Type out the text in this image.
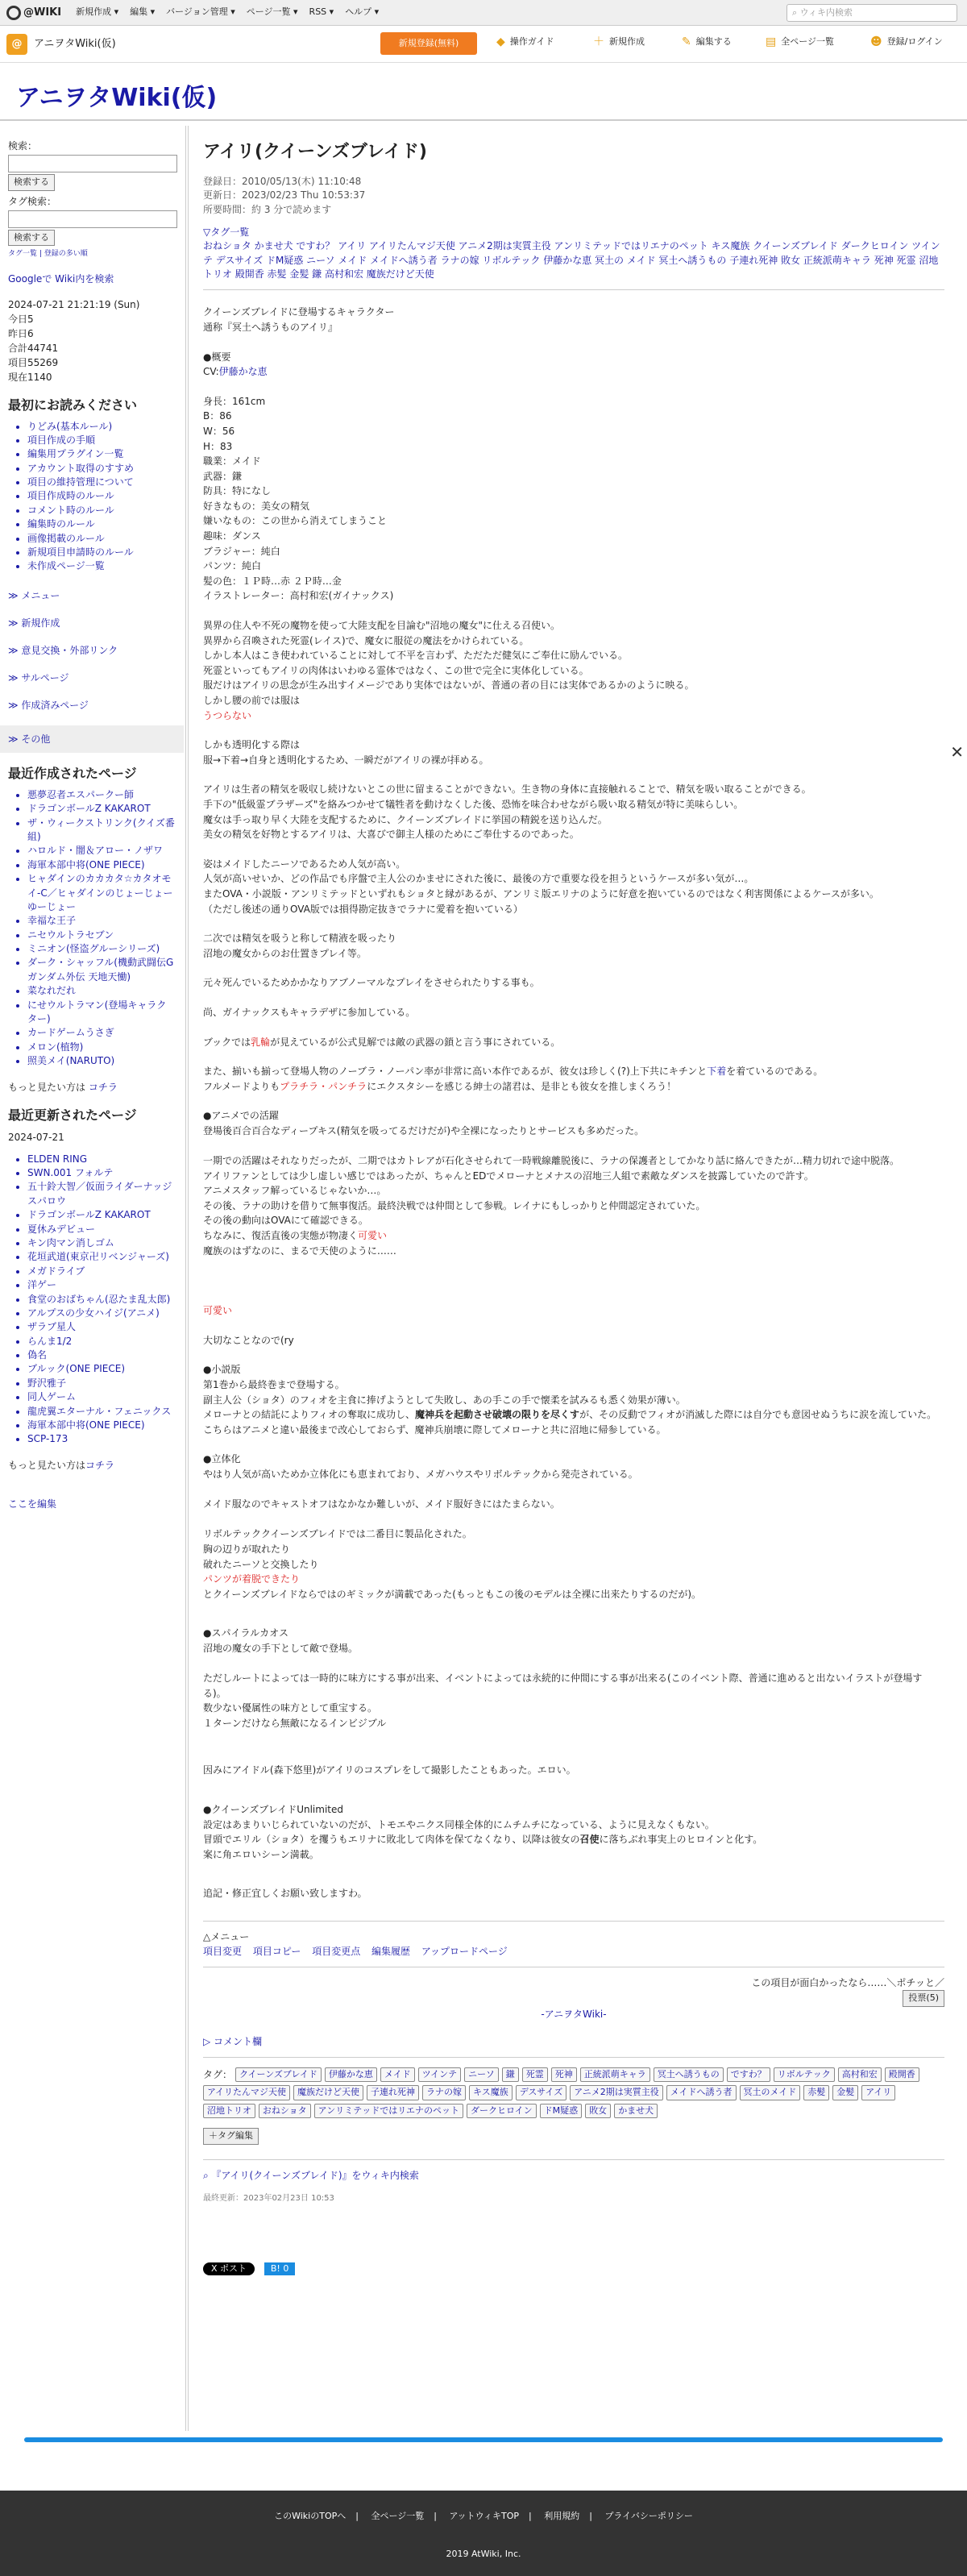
@WIKI 新規作成 ▾ 編集 ▾ バージョン管理 ▾ ページ一覧 ▾ RSS ▾ ヘルプ ▾	⌕ ウィキ内検索
@	アニヲタWiki(仮)	新規登録(無料)	◆ 操作ガイド	＋ 新規作成	✎ 編集する	▤ 全ページ一覧	☻ 登録/ログイン
アニヲタWiki(仮)
検索：
検索する
タグ検索：
検索する
タグ一覧 | 登録の多い順
Googleで Wiki内を検索
2024-07-21 21:21:19 (Sun)
今日5
昨日6
合計44741
項目55269
現在1140
最初にお読みください
• りどみ(基本ルール)
• 項目作成の手順
• 編集用プラグイン一覧
• アカウント取得のすすめ
• 項目の維持管理について
• 項目作成時のルール
• コメント時のルール
• 編集時のルール
• 画像掲載のルール
• 新規項目申請時のルール
• 未作成ページ一覧
≫ メニュー
≫ 新規作成
≫ 意見交換・外部リンク
≫ サルページ
≫ 作成済みページ
≫ その他
最近作成されたページ
• 悪夢忍者エスパークー師
• ドラゴンボールZ KAKAROT
• ザ・ウィークストリンク(クイズ番組)
• ハロルド・闇＆アロー・ノザワ
• 海軍本部中将(ONE PIECE)
• ヒャダインのカカカタ☆カタオモイ-C／ヒャダインのじょーじょーゆーじょー
• 幸福な王子
• ニセウルトラセブン
• ミニオン(怪盗グルーシリーズ)
• ダーク・シャッフル(機動武闘伝Gガンダム外伝 天地天慟)
• 菜なれだれ
• にせウルトラマン(登場キャラクター)
• カードゲームうさぎ
• メロン(植物)
• 照美メイ(NARUTO)
もっと見たい方は コチラ
最近更新されたページ
2024-07-21
• ELDEN RING
• SWN.001 フォルテ
• 五十鈴大智／仮面ライダーナッジスパロウ
• ドラゴンボールZ KAKAROT
• 夏休みデビュー
• キン肉マン消しゴム
• 花垣武道(東京卍リベンジャーズ)
• メガドライブ
• 洋ゲー
• 食堂のおばちゃん(忍たま乱太郎)
• アルプスの少女ハイジ(アニメ)
• ザラブ星人
• らんま1/2
• 偽名
• ブルック(ONE PIECE)
• 野沢雅子
• 同人ゲーム
• 龍虎翼エターナル・フェニックス
• 海軍本部中将(ONE PIECE)
• SCP-173
もっと見たい方はコチラ
ここを編集
アイリ(クイーンズブレイド)
登録日：2010/05/13(木) 11:10:48
更新日：2023/02/23 Thu 10:53:37
所要時間：約 3 分で読めます
▽タグ一覧
おねショタ かませ犬 ですわ？ アイリ アイリたんマジ天使 アニメ2期は実質主役 アンリミテッドではリエナのペット キス魔族 クイーンズブレイド ダークヒロイン ツインテ デスサイズ ドM疑惑 ニーソ メイド メイドへ誘う者 ラナの嫁 リボルテック 伊藤かな恵 冥土の メイド 冥土へ誘うもの 子連れ死神 敗女 正統派萌キャラ 死神 死霊 沼地トリオ 殿開香 赤髪 金髪 鎌 高村和宏 魔族だけど天使

クイーンズブレイドに登場するキャラクター
通称『冥土へ誘うものアイリ』

●概要

CV:伊藤かな恵

身長：161cm
B：86
W：56
H：83
職業：メイド
武器：鎌
防具：特になし
好きなもの：美女の精気
嫌いなもの：この世から消えてしまうこと
趣味：ダンス
ブラジャー：純白
パンツ：純白
髪の色：１Ｐ時…赤 ２Ｐ時…金
イラストレーター：高村和宏(ガイナックス)

異界の住人や不死の魔物を使って大陸支配を目論む"沼地の魔女"に仕える召使い。
異界から召喚された死霊(レイス)で、魔女に服従の魔法をかけられている。
しかし本人はこき使われていることに対して不平を言わず、ただただ健気にご奉仕に励んでいる。
死霊といってもアイリの肉体はいわゆる霊体ではなく、この世で完全に実体化している。
服だけはアイリの思念が生み出すイメージであり実体ではないが、普通の者の目には実体であるかのように映る。
しかし腰の前では服は

うつらない

しかも透明化する際は
服→下着→自身と透明化するため、一瞬だがアイリの裸が拝める。

アイリは生者の精気を吸収し続けないとこの世に留まることができない。生き物の身体に直接触れることで、精気を吸い取ることができる。
手下の"低級霊ブラザーズ"を絡みつかせて犠牲者を動けなくした後、恐怖を味合わせながら吸い取る精気が特に美味らしい。
魔女は手っ取り早く大陸を支配するために、クイーンズブレイドに挙国の精鋭を送り込んだ。
美女の精気を好物とするアイリは、大喜びで御主人様のためにご奉仕するのであった。

姿はメイドしたニーソであるため人気が高い。
人気が高いせいか、どの作品でも序盤で主人公のかませにされた後に、最後の方で重要な役を担うというケースが多い気が…。
またOVA・小説版・アンリミテッドといずれもショタと縁があるが、アンリミ版エリナのように好意を抱いているのではなく利害関係によるケースが多い。
（ただし後述の通りOVA版では損得勘定抜きでラナに愛着を抱いている）

二次では精気を吸うと称して精液を吸ったり
沼地の魔女からのお仕置きプレイ等。

元々死んでいるためかかなりアブノーマルなプレイをさせられたりする事も。

尚、ガイナックスもキャラデザに参加している。

ブックでは乳輪が見えているが公式見解では敵の武器の鎖と言う事にされている。

また、揃いも揃って登場人物のノーブラ・ノーパン率が非常に高い本作であるが、彼女は珍しく(?)上下共にキチンと下着を着ているのである。
フルメードよりもプラチラ・パンチラにエクスタシーを感じる紳士の諸君は、是非とも彼女を推しまくろう！

●アニメでの活躍

登場後百合百合なディープキス(精気を吸ってるだけだが)や全裸になったりとサービスも多めだった。

一期での活躍はそれなりだったが、二期ではカトレアが石化させられて一時戦線離脱後に、ラナの保護者としてかなり話に絡んできたが…精力切れで途中脱落。
アイリファンとしては少し虚しい感じではあったが、ちゃんとEDでメローナとメナスの沼地三人組で素敵なダンスを披露していたので許す。
アニメスタッフ解っているじゃないか…。
その後、ラナの助けを借りて無事復活。最終決戦では仲間として参戦。レイナにもしっかりと仲間認定されていた。
その後の動向はOVAにて確認できる。
ちなみに、復活直後の実態が物凄く可愛い
魔族のはずなのに、まるで天使のように……

可愛い

大切なことなので(ry

●小説版

第1巻から最終巻まで登場する。
副主人公（ショタ）のフィオを主食に捧げようとして失敗し、あの手この手で懐柔を試みるも悉く効果が薄い。
メローナとの結託によりフィオの奪取に成功し、魔神兵を起動させ破壊の限りを尽くすが、その反動でフィオが消滅した際には自分でも意図せぬうちに涙を流していた。
こちらはアニメと違い最後まで改心しておらず、魔神兵崩壊に際してメローナと共に沼地に帰参している。

●立体化

やはり人気が高いためか立体化にも恵まれており、メガハウスやリボルテックから発売されている。

メイド服なのでキャストオフはなかなか難しいが、メイド服好きにはたまらない。

リボルテッククイーンズブレイドでは二番目に製品化された。
胸の辺りが取れたり
破れたニーソと交換したり
パンツが着脱できたり
とクイーンズブレイドならではのギミックが満載であった(もっともこの後のモデルは全裸に出来たりするのだが)。

●スパイラルカオス

沼地の魔女の手下として敵で登場。

ただしルートによっては一時的に味方にする事が出来、イベントによっては永続的に仲間にする事が出来る(このイベント際、普通に進めると出ないイラストが登場する)。
数少ない優属性の味方として重宝する。
１ターンだけなら無敵になるインビジブル

因みにアイドル(森下悠里)がアイリのコスプレをして撮影したこともあった。エロい。

●クイーンズブレイドUnlimited

設定はあまりいじられていないのだが、トモエやニクス同様全体的にムチムチになっている、ように見えなくもない。
冒頭でエリル（ショタ）を攫うもエリナに敗北して肉体を保てなくなり、以降は彼女の召使に落ちぶれ事実上のヒロインと化す。
案に角エロいシーン満載。

追記・修正宜しくお願い致しますわ。

△メニュー
項目変更 項目コピー 項目変更点 編集履歴 アップロードページ
この項目が面白かったなら……＼ポチッと／
投票(5)
-アニヲタWiki-
▷ コメント欄
タグ： クイーンズブレイド	伊藤かな恵	メイド	ツインテ	ニーソ	鎌	死霊	死神	正統派萌キャラ	冥土へ誘うもの	ですわ？	リボルテック	高村和宏	殿開香
アイリたんマジ天使	魔族だけど天使	子連れ死神	ラナの嫁	キス魔族	デスサイズ	アニメ2期は実質主役	メイドへ誘う者	冥土のメイド	赤髪	金髪	アイリ
沼地トリオ	おねショタ	アンリミテッドではリエナのペット	ダークヒロイン	ドM疑惑	敗女	かませ犬
＋タグ編集
⌕ 『アイリ(クイーンズブレイド)』をウィキ内検索
最終更新：2023年02月23日 10:53
X ポスト	B! 0
✕
このWikiのTOPへ | 全ページ一覧 | アットウィキTOP | 利用規約 | プライバシーポリシー
2019 AtWiki, Inc.
